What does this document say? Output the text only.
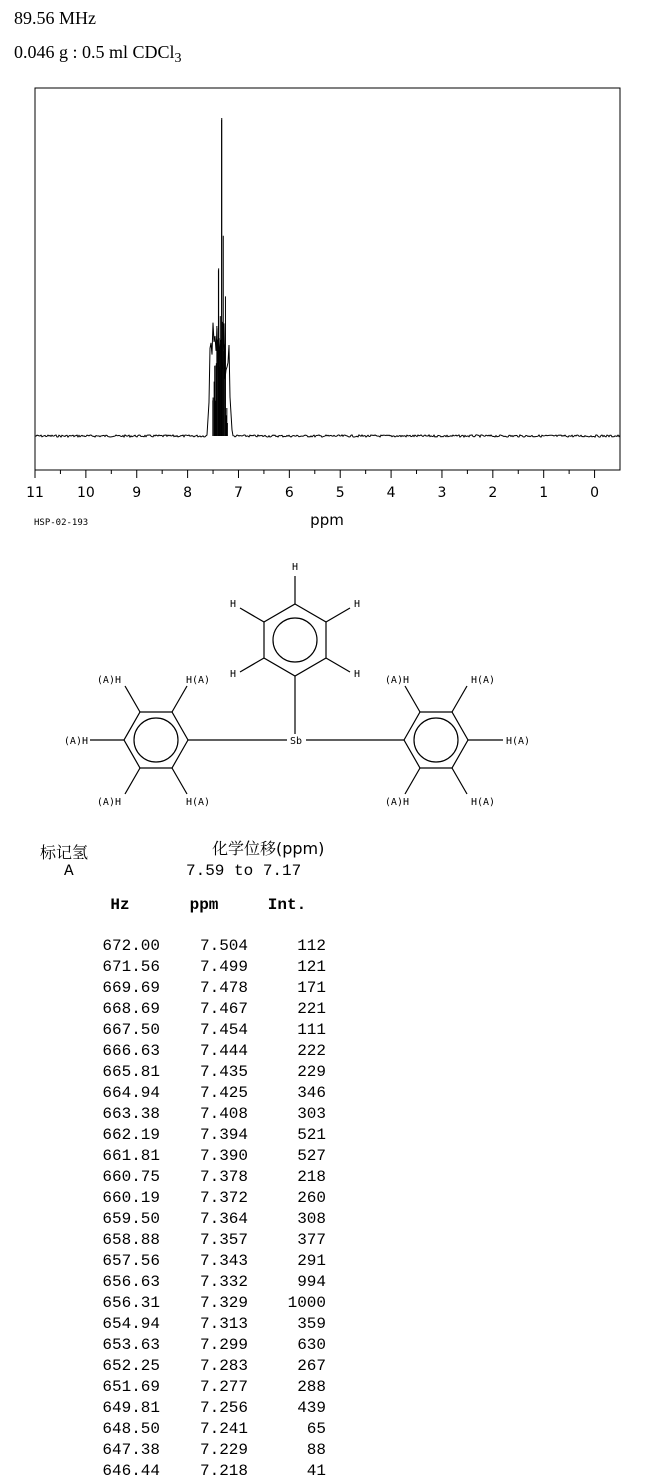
89.56 MHz
0.046 g : 0.5 ml CDCl$_3$
11 10	9	8	7	6	5	4	3	2	1	0
ppm
HSP-02-193
Sb
H
H
H
H
H
(A)H	H(A)
(A)H
(A)H	H(A)
(A)H	H(A)
H(A)
(A)H	H(A)
标记氢	化学位移(ppm)
A	7.59 to 7.17
Hz	ppm	Int.

672.00	7.504	112
671.56	7.499	121
669.69	7.478	171
668.69	7.467	221
667.50	7.454	111
666.63	7.444	222
665.81	7.435	229
664.94	7.425	346
663.38	7.408	303
662.19	7.394	521
661.81	7.390	527
660.75	7.378	218
660.19	7.372	260
659.50	7.364	308
658.88	7.357	377
657.56	7.343	291
656.63	7.332	994
656.31	7.329	1000
654.94	7.313	359
653.63	7.299	630
652.25	7.283	267
651.69	7.277	288
649.81	7.256	439
648.50	7.241	65
647.38	7.229	88
646.44	7.218	41
